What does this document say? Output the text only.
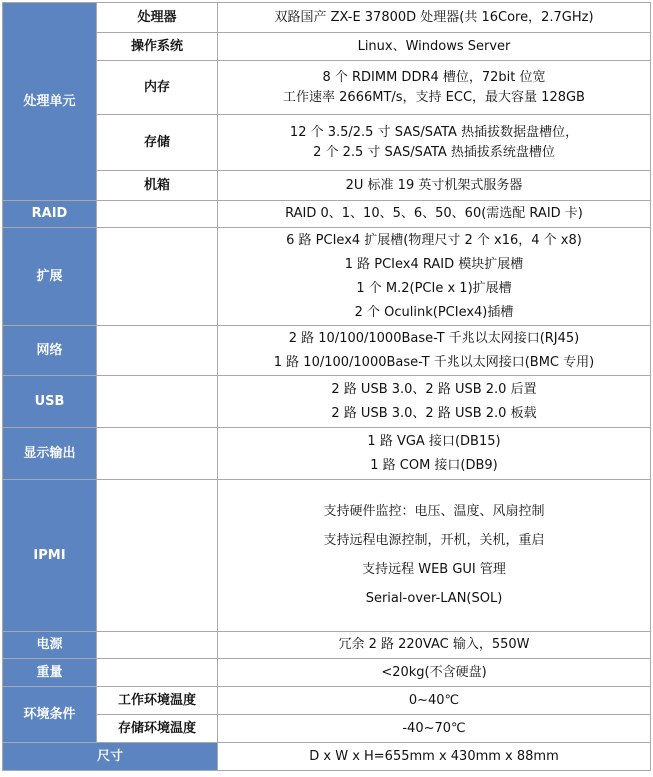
处理单元	处理器	双路国产 ZX-E 37800D 处理器(共 16Core，2.7GHz)
	操作系统	Linux、Windows Server
	内存	8 个 RDIMM DDR4 槽位，72bit 位宽
工作速率 2666MT/s，支持 ECC，最大容量 128GB

	存储	12 个 3.5/2.5 寸 SAS/SATA 热插拔数据盘槽位，
2 个 2.5 寸 SAS/SATA 热插拔系统盘槽位

	机箱	2U 标准 19 英寸机架式服务器
RAID		RAID 0、1、10、5、6、50、60(需选配 RAID 卡)
扩展		6 路 PCIex4 扩展槽(物理尺寸 2 个 x16，4 个 x8)
1 路 PCIex4 RAID 模块扩展槽
1 个 M.2(PCIe x 1)扩展槽
2 个 Oculink(PCIex4)插槽

网络		2 路 10/100/1000Base-T 千兆以太网接口(RJ45)
1 路 10/100/1000Base-T 千兆以太网接口(BMC 专用)

USB		2 路 USB 3.0、2 路 USB 2.0 后置
2 路 USB 3.0、2 路 USB 2.0 板载

显示输出		1 路 VGA 接口(DB15)
1 路 COM 接口(DB9)

IPMI		支持硬件监控：电压、温度、风扇控制
支持远程电源控制，开机，关机，重启
支持远程 WEB GUI 管理
Serial-over-LAN(SOL)

电源		冗余 2 路 220VAC 输入，550W
重量		<20kg(不含硬盘)
环境条件	工作环境温度	0~40℃
	存储环境温度	-40~70℃
尺寸		D x W x H=655mm x 430mm x 88mm
